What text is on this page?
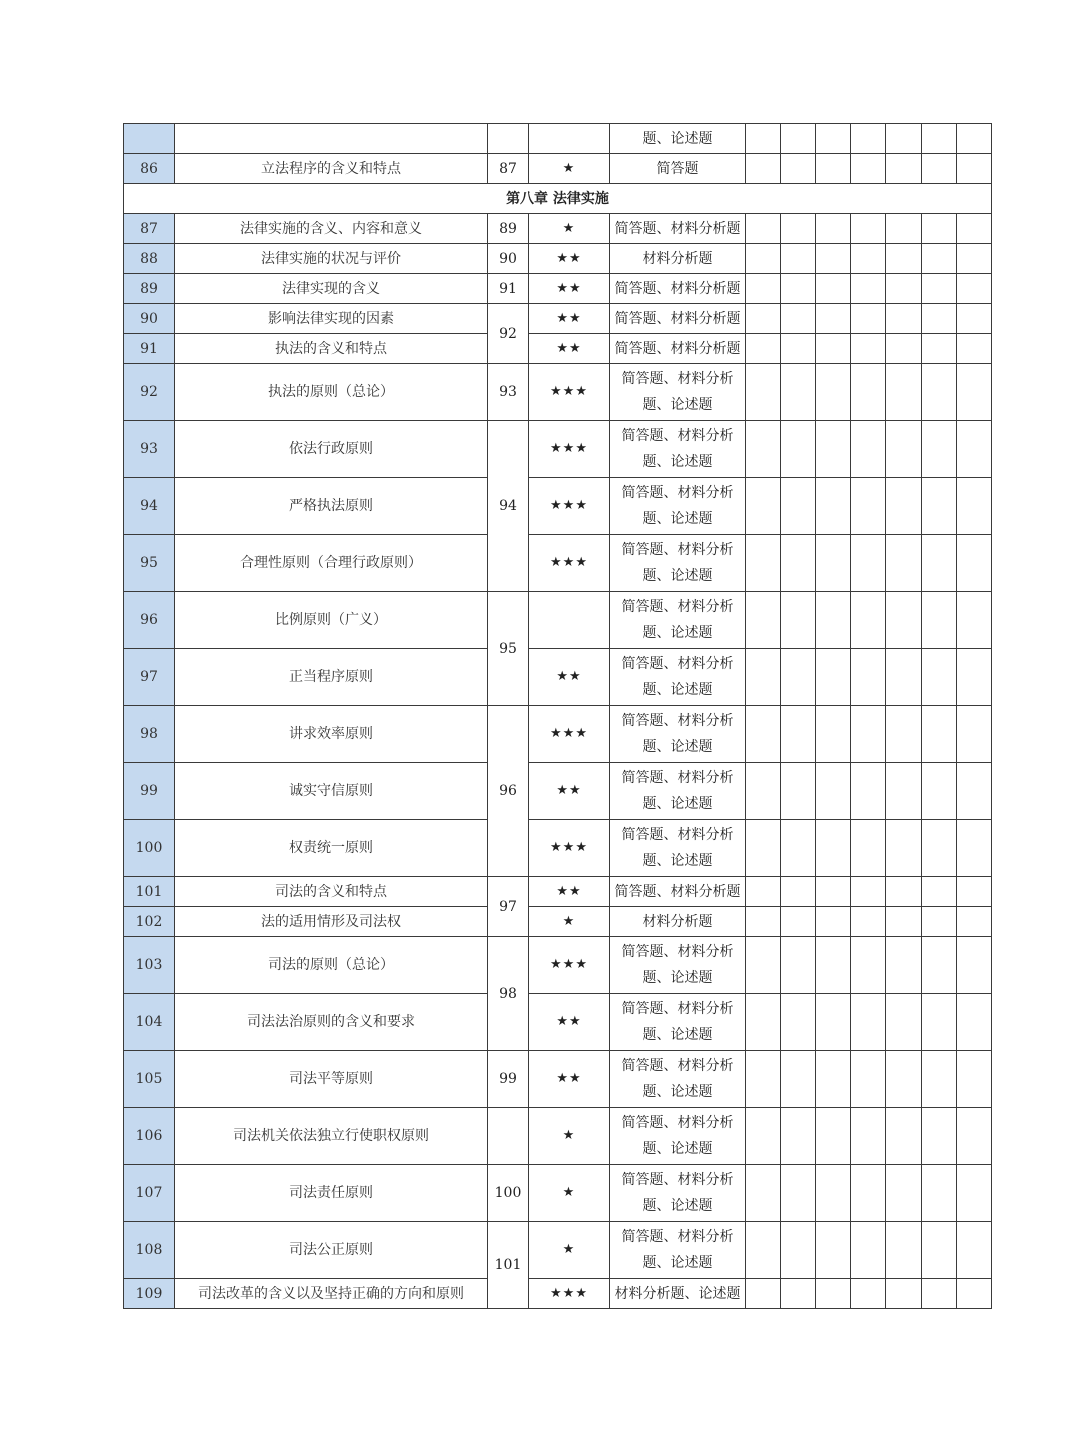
				题、论述题							
86	立法程序的含义和特点	87	★	简答题							
第八章 法律实施											
87	法律实施的含义、内容和意义	89	★	简答题、材料分析题							
88	法律实施的状况与评价	90	★★	材料分析题							
89	法律实现的含义	91	★★	简答题、材料分析题							
90	影响法律实现的因素	92	★★	简答题、材料分析题							
91	执法的含义和特点		★★	简答题、材料分析题							
92	执法的原则（总论）	93	★★★	简答题、材料分析题、论述题							
93	依法行政原则	94	★★★	简答题、材料分析题、论述题							
94	严格执法原则		★★★	简答题、材料分析题、论述题							
95	合理性原则（合理行政原则）		★★★	简答题、材料分析题、论述题							
96	比例原则（广义）	95		简答题、材料分析题、论述题							
97	正当程序原则		★★	简答题、材料分析题、论述题							
98	讲求效率原则	96	★★★	简答题、材料分析题、论述题							
99	诚实守信原则		★★	简答题、材料分析题、论述题							
100	权责统一原则		★★★	简答题、材料分析题、论述题							
101	司法的含义和特点	97	★★	简答题、材料分析题							
102	法的适用情形及司法权		★	材料分析题							
103	司法的原则（总论）	98	★★★	简答题、材料分析题、论述题							
104	司法法治原则的含义和要求		★★	简答题、材料分析题、论述题							
105	司法平等原则	99	★★	简答题、材料分析题、论述题							
106	司法机关依法独立行使职权原则		★	简答题、材料分析题、论述题							
107	司法责任原则	100	★	简答题、材料分析题、论述题							
108	司法公正原则	101	★	简答题、材料分析题、论述题							
109	司法改革的含义以及坚持正确的方向和原则		★★★	材料分析题、论述题							
